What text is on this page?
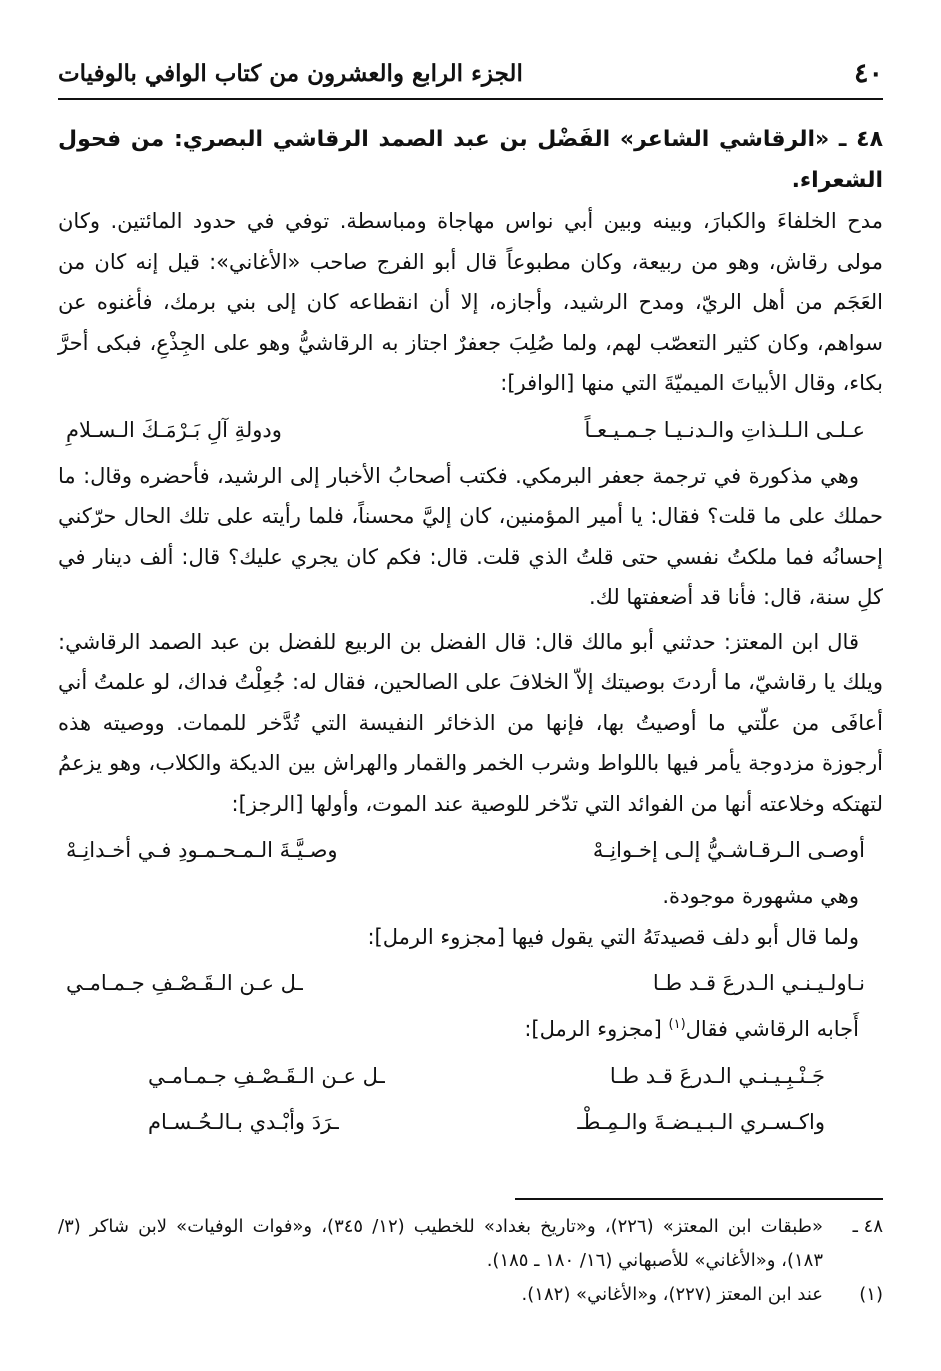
٤٠
الجزء الرابع والعشرون من كتاب الوافي بالوفيات

٤٨ ـ «الرقاشي الشاعر» الفَضْل بن عبد الصمد الرقاشي البصري: من فحول الشعراء.

مدح الخلفاءَ والكبارَ، وبينه وبين أبي نواس مهاجاة ومباسطة. توفي في حدود المائتين. وكان مولى رقاش، وهو من ربيعة، وكان مطبوعاً قال أبو الفرج صاحب «الأغاني»: قيل إنه كان من العَجَم من أهل الريّ، ومدح الرشيد، وأجازه، إلا أن انقطاعه كان إلى بني برمك، فأغنوه عن سواهم، وكان كثير التعصّب لهم، ولما صُلِبَ جعفرٌ اجتاز به الرقاشيُّ وهو على الجِذْعِ، فبكى أحرَّ بكاء، وقال الأبياتَ الميميّةَ التي منها [الوافر]:

عـلـى الـلـذاتِ والـدنـيـا جـمـيـعـاً
ودولةِ آلِ بَـرْمَـكَ الـسـلامِ

وهي مذكورة في ترجمة جعفر البرمكي. فكتب أصحابُ الأخبار إلى الرشيد، فأحضره وقال: ما حملك على ما قلت؟ فقال: يا أمير المؤمنين، كان إليَّ محسناً، فلما رأيته على تلك الحال حرّكني إحسانُه فما ملكتُ نفسي حتى قلتُ الذي قلت. قال: فكم كان يجري عليك؟ قال: ألف دينار في كلِ سنة، قال: فأنا قد أضعفتها لك.

قال ابن المعتز: حدثني أبو مالك قال: قال الفضل بن الربيع للفضل بن عبد الصمد الرقاشي: ويلك يا رقاشيّ، ما أردتَ بوصيتك إلاّ الخلافَ على الصالحين، فقال له: جُعِلْتُ فداك، لو علمتُ أني أعافَى من علّتي ما أوصيتُ بها، فإنها من الذخائر النفيسة التي تُدَّخر للممات. ووصيته هذه أرجوزة مزدوجة يأمر فيها باللواط وشرب الخمر والقمار والهراش بين الديكة والكلاب، وهو يزعمُ لتهتكه وخلاعته أنها من الفوائد التي تدّخر للوصية عند الموت، وأولها [الرجز]:

أوصـى الـرقـاشـيُّ إلـى إخـوانِـهْ
وصـيَّـةَ الـمـحـمـودِ فـي أخـدانِـهْ

وهي مشهورة موجودة.

ولما قال أبو دلف قصيدتَهُ التي يقول فيها [مجزوء الرمل]:

نـاولـيـنـي الـدرعَ قـد طـا
ـل عـن الـقَـصْـفِ جـمـامـي

أَجابه الرقاشي فقال$^{(١)}$ [مجزوء الرمل]:

جَـنْـبِـيـنـي الـدرعَ قـد طـا
ـل عـن الـقَـصْـفِ جـمـامـي
واكـسـري الـبـيـضـةَ والـمِـطْـ
ـرَدَ وأبْـدي بـالـحُـسـام
٤٨ ـ
«طبقات ابن المعتز» (٢٢٦)، و«تاريخ بغداد» للخطيب (١٢/ ٣٤٥)، و«فوات الوفيات» لابن شاكر (٣/ ١٨٣)، و«الأغاني» للأصبهاني (١٦/ ١٨٠ ـ ١٨٥).
(١)
عند ابن المعتز (٢٢٧)، و«الأغاني» (١٨٢).
